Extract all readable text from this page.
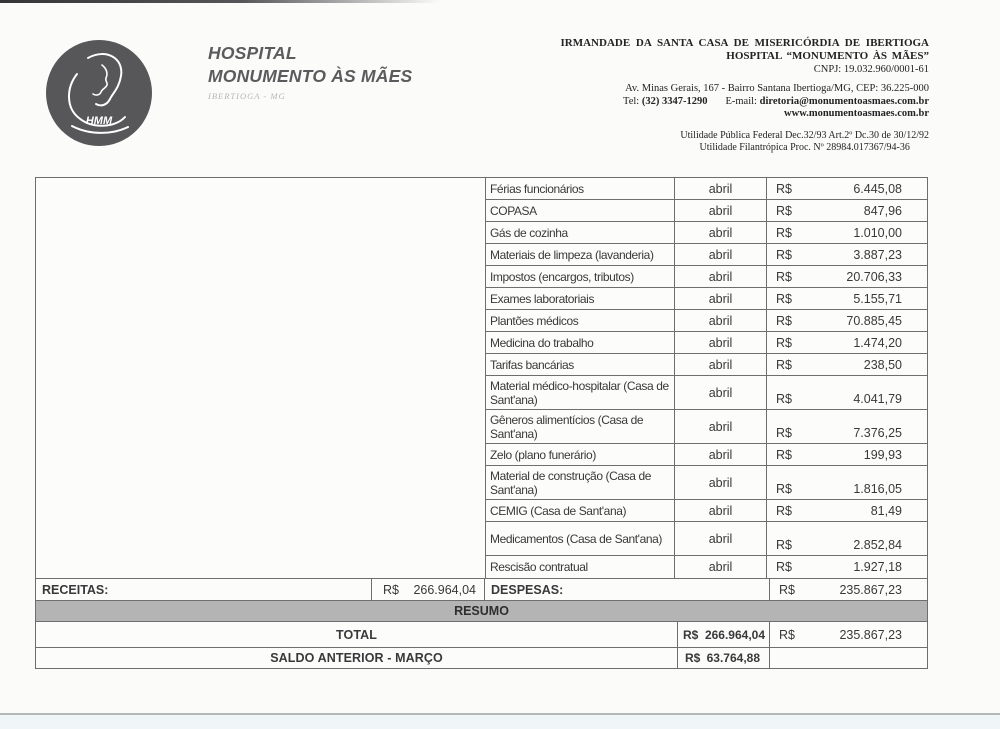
HMM
HOSPITAL
MONUMENTO ÀS MÃES
IBERTIOGA - MG
IRMANDADE DA SANTA CASA DE MISERICÓRDIA DE IBERTIOGA
HOSPITAL “MONUMENTO ÀS MÃES”
CNPJ: 19.032.960/0001-61
Av. Minas Gerais, 167 - Bairro Santana Ibertioga/MG, CEP: 36.225-000
Tel: (32) 3347-1290 E-mail: diretoria@monumentoasmaes.com.br
www.monumentoasmaes.com.br
Utilidade Pública Federal Dec.32/93 Art.2º Dc.30 de 30/12/92
Utilidade Filantrópica Proc. Nº 28984.017367/94-36
Férias funcionários	abril	R$	6.445,08
COPASA	abril	R$	847,96
Gás de cozinha	abril	R$	1.010,00
Materiais de limpeza (lavanderia)	abril	R$	3.887,23
Impostos (encargos, tributos)	abril	R$	20.706,33
Exames laboratoriais	abril	R$	5.155,71
Plantões médicos	abril	R$	70.885,45
Medicina do trabalho	abril	R$	1.474,20
Tarifas bancárias	abril	R$	238,50
Material médico-hospitalar (Casa de Sant'ana)	abril	R$	4.041,79
Gêneros alimentícios (Casa de Sant'ana)	abril	R$	7.376,25
Zelo (plano funerário)	abril	R$	199,93
Material de construção (Casa de Sant'ana)	abril	R$	1.816,05
CEMIG (Casa de Sant'ana)	abril	R$	81,49
Medicamentos (Casa de Sant'ana)	abril	R$	2.852,84
Rescisão contratual	abril	R$	1.927,18
RECEITAS:	R$ 266.964,04	DESPESAS:	R$	235.867,23
RESUMO
TOTAL	R$ 266.964,04 R$	235.867,23
SALDO ANTERIOR - MARÇO	R$ 63.764,88
